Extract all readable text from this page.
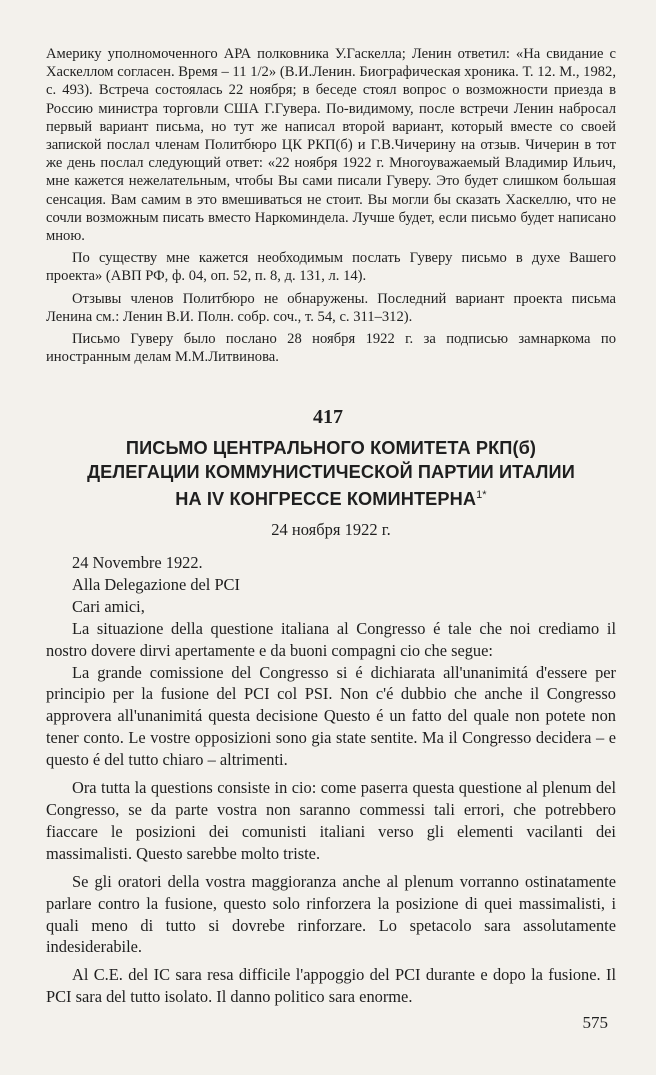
Америку уполномоченного АРА полковника У.Гаскелла; Ленин ответил: «На свидание с Хаскеллом согласен. Время – 11 1/2» (В.И.Ленин. Биографическая хроника. Т. 12. М., 1982, с. 493). Встреча состоялась 22 ноября; в беседе стоял вопрос о возможности приезда в Россию министра торговли США Г.Гувера. По-видимому, после встречи Ленин набросал первый вариант письма, но тут же написал второй вариант, который вместе со своей запиской послал членам Политбюро ЦК РКП(б) и Г.В.Чичерину на отзыв. Чичерин в тот же день послал следующий ответ: «22 ноября 1922 г. Многоуважаемый Владимир Ильич, мне кажется нежелательным, чтобы Вы сами писали Гуверу. Это будет слишком большая сенсация. Вам самим в это вмешиваться не стоит. Вы могли бы сказать Хаскеллю, что не сочли возможным писать вместо Наркоминдела. Лучше будет, если письмо будет написано мною.

По существу мне кажется необходимым послать Гуверу письмо в духе Вашего проекта» (АВП РФ, ф. 04, оп. 52, п. 8, д. 131, л. 14).

Отзывы членов Политбюро не обнаружены. Последний вариант проекта письма Ленина см.: Ленин В.И. Полн. собр. соч., т. 54, с. 311–312).

Письмо Гуверу было послано 28 ноября 1922 г. за подписью замнаркома по иностранным делам М.М.Литвинова.

417
ПИСЬМО ЦЕНТРАЛЬНОГО КОМИТЕТА РКП(б)
ДЕЛЕГАЦИИ КОММУНИСТИЧЕСКОЙ ПАРТИИ ИТАЛИИ
НА IV КОНГРЕССЕ $КОМИНТЕРНА^{1*}$
24 ноября 1922 г.

24 Novembre 1922.

Alla Delegazione del PCI

Cari amici,

La situazione della questione italiana al Congresso é tale che noi crediamo il nostro dovere dirvi apertamente e da buoni compagni cio che segue:

La grande comissione del Congresso si é dichiarata all'unanimitá d'essere per principio per la fusione del PCI col PSI. Non c'é dubbio che anche il Congresso approvera all'unanimitá questa decisione Questo é un fatto del quale non potete non tener conto. Le vostre opposizioni sono gia state sentite. Ma il Congresso decidera – e questo é del tutto chiaro – altrimenti.

Ora tutta la questions consiste in cio: come paserra questa questione al plenum del Congresso, se da parte vostra non saranno commessi tali errori, che potrebbero fiaccare le posizioni dei comunisti italiani verso gli elementi vacilanti dei massimalisti. Questo sarebbe molto triste.

Se gli oratori della vostra maggioranza anche al plenum vorranno ostinatamente parlare contro la fusione, questo solo rinforzera la posizione di quei massimalisti, i quali meno di tutto si dovrebe rinforzare. Lo spetacolo sara assolutamente indesiderabile.

Al C.E. del IC sara resa difficile l'appoggio del PCI durante e dopo la fusione. Il PCI sara del tutto isolato. Il danno politico sara enorme.

575
